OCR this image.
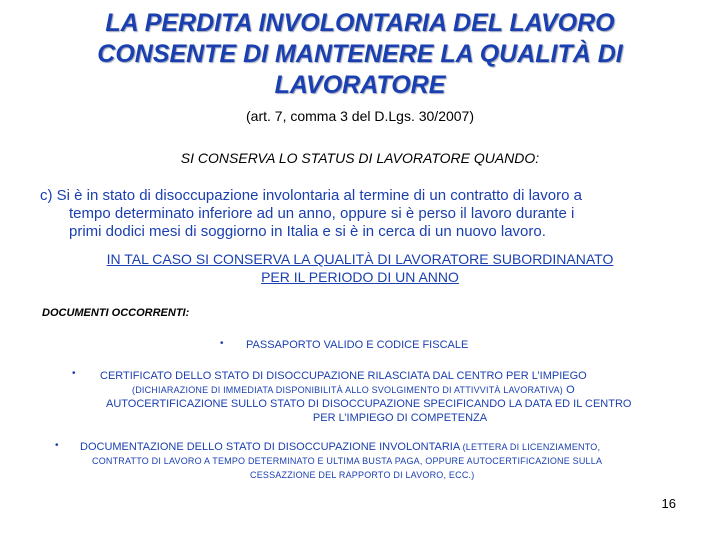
LA PERDITA INVOLONTARIA DEL LAVORO
CONSENTE DI MANTENERE LA QUALITÀ DI
LAVORATORE
(art. 7, comma 3 del D.Lgs. 30/2007)
SI CONSERVA LO STATUS DI LAVORATORE QUANDO:
c) Si è in stato di disoccupazione involontaria al termine di un contratto di lavoro a
tempo determinato inferiore ad un anno, oppure si è perso il lavoro durante i
primi dodici mesi di soggiorno in Italia e si è in cerca di un nuovo lavoro.
IN TAL CASO SI CONSERVA LA QUALITÀ DI LAVORATORE SUBORDINANATO
PER IL PERIODO DI UN ANNO
DOCUMENTI OCCORRENTI:
• PASSAPORTO VALIDO E CODICE FISCALE
• CERTIFICATO DELLO STATO DI DISOCCUPAZIONE RILASCIATA DAL CENTRO PER L’IMPIEGO
(DICHIARAZIONE DI IMMEDIATA DISPONIBILITÀ ALLO SVOLGIMENTO DI ATTIVVITÀ LAVORATIVA) O
AUTOCERTIFICAZIONE SULLO STATO DI DISOCCUPAZIONE SPECIFICANDO LA DATA ED IL CENTRO
PER L’IMPIEGO DI COMPETENZA
• DOCUMENTAZIONE DELLO STATO DI DISOCCUPAZIONE INVOLONTARIA (LETTERA DI LICENZIAMENTO,
CONTRATTO DI LAVORO A TEMPO DETERMINATO E ULTIMA BUSTA PAGA, OPPURE AUTOCERTIFICAZIONE SULLA
CESSAZZIONE DEL RAPPORTO DI LAVORO, ECC.)
16
